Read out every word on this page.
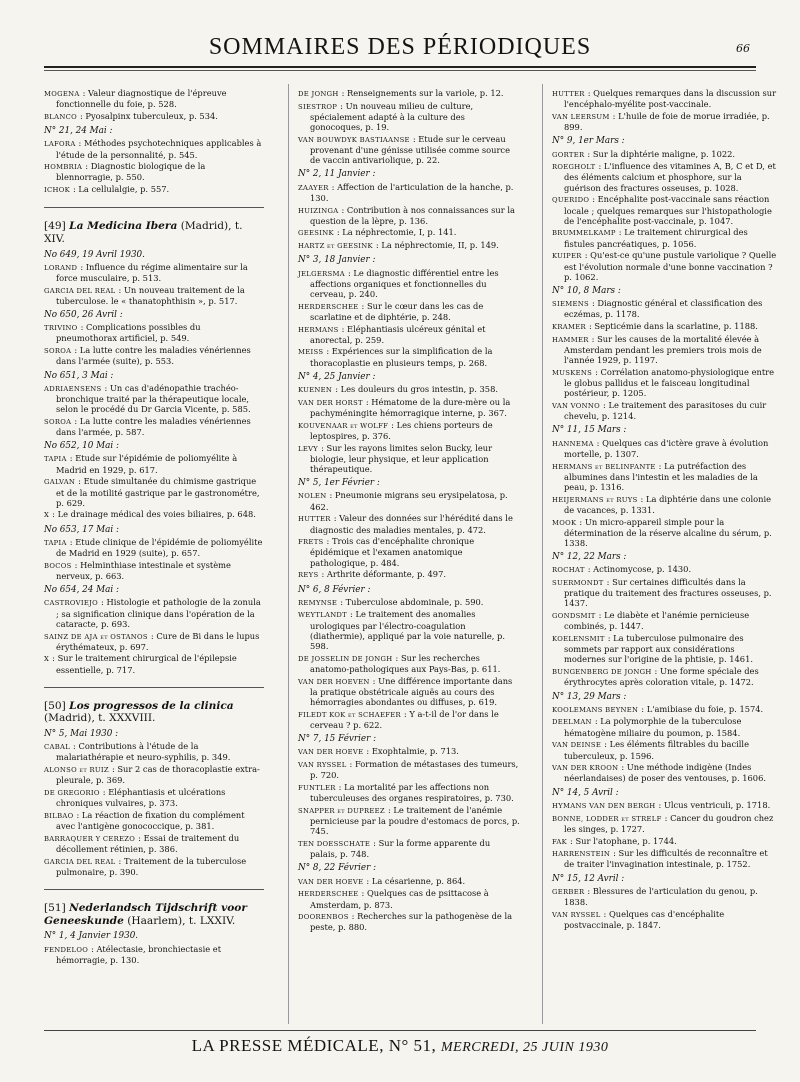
SOMMAIRES DES PÉRIODIQUES	66
MOGENA : Valeur diagnostique de l'épreuve fonctionnelle du foie, p. 528.
BLANCO : Pyosalpinx tuberculeux, p. 534.
N° 21, 24 Mai :
LAFORA : Méthodes psychotechniques applicables à l'étude de la personnalité, p. 545.
HOMBRIA : Diagnostic biologique de la blennorragie, p. 550.
ICHOK : La cellulalgie, p. 557.
[49] La Medicina Ibera (Madrid), t. XIV.
No 649, 19 Avril 1930.
LORAND : Influence du régime alimentaire sur la force musculaire, p. 513.
GARCIA DEL REAL : Un nouveau traitement de la tuberculose. le « thanatophthisin », p. 517.
No 650, 26 Avril :
TRIVINO : Complications possibles du pneumothorax artificiel, p. 549.
SOROA : La lutte contre les maladies vénériennes dans l'armée (suite), p. 553.
No 651, 3 Mai :
ADRIAENSENS : Un cas d'adénopathie trachéo-bronchique traité par la thérapeutique locale, selon le procédé du Dr Garcia Vicente, p. 585.
SOROA : La lutte contre les maladies vénériennes dans l'armée, p. 587.
No 652, 10 Mai :
TAPIA : Etude sur l'épidémie de poliomyélite à Madrid en 1929, p. 617.
GALVAN : Etude simultanée du chimisme gastrique et de la motilité gastrique par le gastronométre, p. 629.
X : Le drainage médical des voies biliaires, p. 648.
No 653, 17 Mai :
TAPIA : Etude clinique de l'épidémie de poliomyélite de Madrid en 1929 (suite), p. 657.
BOCOS : Helminthiase intestinale et système nerveux, p. 663.
No 654, 24 Mai :
CASTROVIEJO : Histologie et pathologie de la zonula ; sa signification clinique dans l'opération de la cataracte, p. 693.
SAINZ DE AJA et OSTANOS : Cure de Bi dans le lupus érythémateux, p. 697.
X : Sur le traitement chirurgical de l'épilepsie essentielle, p. 717.
[50] Los progressos de la clinica (Madrid), t. XXXVIII.
N° 5, Mai 1930 :
CABAL : Contributions à l'étude de la malariathérapie et neuro-syphilis, p. 349.
ALONSO et RUIZ : Sur 2 cas de thoracoplastie extra-pleurale, p. 369.
DE GREGORIO : Eléphantiasis et ulcérations chroniques vulvaires, p. 373.
BILBAO : La réaction de fixation du complément avec l'antigène gonococcique, p. 381.
BARRAQUER Y CEREZO : Essai de traitement du décollement rétinien, p. 386.
GARCIA DEL REAL : Traitement de la tuberculose pulmonaire, p. 390.
[51] Nederlandsch Tijdschrift voor Geneeskunde (Haarlem), t. LXXIV.
N° 1, 4 Janvier 1930.
FENDELOO : Atélectasie, bronchiectasie et hémorragie, p. 130.
DE JONGH : Renseignements sur la variole, p. 12.
SIESTROP : Un nouveau milieu de culture, spécialement adapté à la culture des gonocoques, p. 19.
VAN BOUWDYK BASTIAANSE : Etude sur le cerveau provenant d'une génisse utilisée comme source de vaccin antivariolique, p. 22.
N° 2, 11 Janvier :
ZAAYER : Affection de l'articulation de la hanche, p. 130.
HUIZINGA : Contribution à nos connaissances sur la question de la lèpre, p. 136.
GEESINK : La néphrectomie, I, p. 141.
HARTZ et GEESINK : La néphrectomie, II, p. 149.
N° 3, 18 Janvier :
JELGERSMA : Le diagnostic différentiel entre les affections organiques et fonctionnelles du cerveau, p. 240.
HERDERSCHEE : Sur le cœur dans les cas de scarlatine et de diphtérie, p. 248.
HERMANS : Eléphantiasis ulcéreux génital et anorectal, p. 259.
MEISS : Expériences sur la simplification de la thoracoplastie en plusieurs temps, p. 268.
N° 4, 25 Janvier :
KUENEN : Les douleurs du gros intestin, p. 358.
VAN DER HORST : Hématome de la dure-mère ou la pachyméningite hémorragique interne, p. 367.
KOUVENAAR et WOLFF : Les chiens porteurs de leptospires, p. 376.
LEVY : Sur les rayons limites selon Bucky, leur biologie, leur physique, et leur application thérapeutique.
N° 5, 1er Février :
NOLEN : Pneumonie migrans seu erysipelatosa, p. 462.
HUTTER : Valeur des données sur l'hérédité dans le diagnostic des maladies mentales, p. 472.
FRETS : Trois cas d'encéphalite chronique épidémique et l'examen anatomique pathologique, p. 484.
REYS : Arthrite déformante, p. 497.
N° 6, 8 Février :
REMYNSE : Tuberculose abdominale, p. 590.
WEYTLANDT : Le traitement des anomalies urologiques par l'électro-coagulation (diathermie), appliqué par la voie naturelle, p. 598.
DE JOSSELIN DE JONGH : Sur les recherches anatomo-pathologiques aux Pays-Bas, p. 611.
VAN DER HOEVEN : Une différence importante dans la pratique obstétricale aiguës au cours des hémorragies abondantes ou diffuses, p. 619.
FILEDT KOK et SCHAEFER : Y a-t-il de l'or dans le cerveau ? p. 622.
N° 7, 15 Février :
VAN DER HOEVE : Exophtalmie, p. 713.
VAN RYSSEL : Formation de métastases des tumeurs, p. 720.
FUNTLER : La mortalité par les affections non tuberculeuses des organes respiratoires, p. 730.
SNAPPER et DUPREEZ : Le traitement de l'anémie pernicieuse par la poudre d'estomacs de porcs, p. 745.
TEN DOESSCHATE : Sur la forme apparente du palais, p. 748.
N° 8, 22 Février :
VAN DER HOEVE : La césarienne, p. 864.
HERDERSCHEE : Quelques cas de psittacose à Amsterdam, p. 873.
DOORENBOS : Recherches sur la pathogenèse de la peste, p. 880.
HUTTER : Quelques remarques dans la discussion sur l'encéphalo-myélite post-vaccinale.
VAN LEERSUM : L'huile de foie de morue irradiée, p. 899.
N° 9, 1er Mars :
GORTER : Sur la diphtérie maligne, p. 1022.
ROEGHOLT : L'influence des vitamines A, B, C et D, et des éléments calcium et phosphore, sur la guérison des fractures osseuses, p. 1028.
QUERIDO : Encéphalite post-vaccinale sans réaction locale ; quelques remarques sur l'histopathologie de l'encéphalite post-vaccinale, p. 1047.
BRUMMELKAMP : Le traitement chirurgical des fistules pancréatiques, p. 1056.
KUIPER : Qu'est-ce qu'une pustule variolique ? Quelle est l'évolution normale d'une bonne vaccination ? p. 1062.
N° 10, 8 Mars :
SIEMENS : Diagnostic général et classification des eczémas, p. 1178.
KRAMER : Septicémie dans la scarlatine, p. 1188.
HAMMER : Sur les causes de la mortalité élevée à Amsterdam pendant les premiers trois mois de l'année 1929, p. 1197.
MUSKENS : Corrélation anatomo-physiologique entre le globus pallidus et le faisceau longitudinal postérieur, p. 1205.
VAN VONNO : Le traitement des parasitoses du cuir chevelu, p. 1214.
N° 11, 15 Mars :
HANNEMA : Quelques cas d'ictère grave à évolution mortelle, p. 1307.
HERMANS et BELINFANTE : La putréfaction des albumines dans l'intestin et les maladies de la peau, p. 1316.
HEIJERMANS et RUYS : La diphtérie dans une colonie de vacances, p. 1331.
MOOK : Un micro-appareil simple pour la détermination de la réserve alcaline du sérum, p. 1338.
N° 12, 22 Mars :
ROCHAT : Actinomycose, p. 1430.
SUERMONDT : Sur certaines difficultés dans la pratique du traitement des fractures osseuses, p. 1437.
GONDSMIT : Le diabète et l'anémie pernicieuse combinés, p. 1447.
KOELENSMIT : La tuberculose pulmonaire des sommets par rapport aux considérations modernes sur l'origine de la phtisie, p. 1461.
BUNGENBERG DE JONGH : Une forme spéciale des érythrocytes après coloration vitale, p. 1472.
N° 13, 29 Mars :
KOOLEMANS BEYNEN : L'amibiase du foie, p. 1574.
DEELMAN : La polymorphie de la tuberculose hématogène miliaire du poumon, p. 1584.
VAN DEINSE : Les éléments filtrables du bacille tuberculeux, p. 1596.
VAN DER KROON : Une méthode indigène (Indes néerlandaises) de poser des ventouses, p. 1606.
N° 14, 5 Avril :
HYMANS VAN DEN BERGH : Ulcus ventriculi, p. 1718.
BONNE, LODDER et STRELF : Cancer du goudron chez les singes, p. 1727.
FAK : Sur l'atophane, p. 1744.
HARRENSTEIN : Sur les difficultés de reconnaître et de traiter l'invagination intestinale, p. 1752.
N° 15, 12 Avril :
GERBER : Blessures de l'articulation du genou, p. 1838.
VAN RYSSEL : Quelques cas d'encéphalite postvaccinale, p. 1847.
LA PRESSE MÉDICALE, N° 51, MERCREDI, 25 JUIN 1930
